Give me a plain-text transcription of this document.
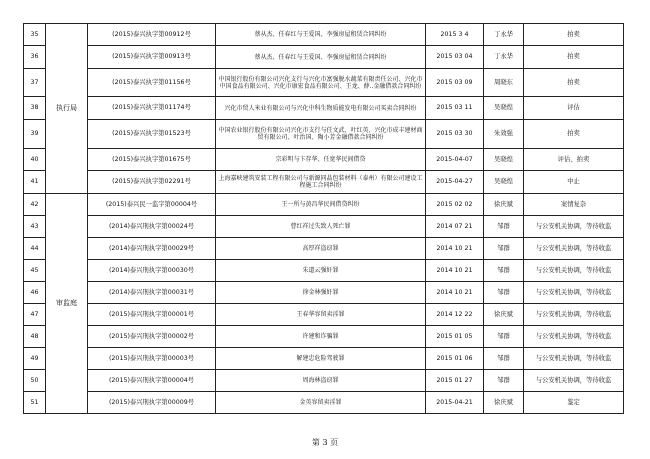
35	执行局	(2015)泰兴执字第00912号	蔡从杰、任春红与王爱国、李强房屋租赁合同纠纷	2015 3 4	丁永华	拍卖
36		(2015)泰兴执字第00913号	蔡从杰、任春红与王爱国、李强房屋租赁合同纠纷	2015 03 04	丁永华	拍卖
37		(2015)泰兴执字第01156号	中国银行股份有限公司兴化支行与兴化市富强脱水蔬菜有限责任公司、兴化市中国食品有限公司、兴化市康宏食品有限公司、王龙、薛..金融借款合同纠纷	2015 03 09	周晓东	拍卖
38		(2015)泰兴执字第01174号	兴化市贸人米业有限公司与兴化中科生物质能发电有限公司买卖合同纠纷	2015 03 11	吴晓煌	评估
39		(2015)泰兴执字第01523号	中国农业银行股份有限公司兴化市支行与任文武、叶红英、兴化市成丰建材商贸有限公司、叶治国、陶小芳金融借款合同纠纷	2015 03 30	朱效强	拍卖
40		(2015)泰兴执字第01675号	宗彩明与卞存华、任宽华民间借贷	2015-04-07	吴晓煌	评估、拍卖
41		(2015)泰兴执字第02291号	上海嘉峡建筑安装工程有限公司与新源同晶包装材料（泰州）有限公司建设工程施工合同纠纷	2015-04-27	吴晓煌	中止
42	审监庭	(2015)泰兴民一监字第00004号	王一所与黄昌华民间借贷纠纷	2015 02 02	徐庆斌	案情复杂
43		(2014)泰兴刑执字第00024号	曹红祥过失致人死亡罪	2014 07 21	邹群	与公安机关协调，等待收监
44		(2014)泰兴刑执字第00029号	高厚祥盗窃罪	2014 10 21	邹群	与公安机关协调，等待收监
45		(2014)泰兴刑执字第00030号	朱道云强奸罪	2014 10 21	邹群	与公安机关协调，等待收监
46		(2014)泰兴刑执字第00031号	徐金林强奸罪	2014 10 21	邹群	与公安机关协调，等待收监
47		(2015)泰兴刑执字第00001号	王春华容留卖淫罪	2014 12 22	徐庆斌	与公安机关协调，等待收监
48		(2015)泰兴刑执字第00002号	许建和诈骗罪	2015 01 05	邹群	与公安机关协调，等待收监
49		(2015)泰兴刑执字第00003号	解建忠危险驾驶罪	2015 01 06	邹群	与公安机关协调，等待收监
50		(2015)泰兴刑执字第00004号	周海林盗窃罪	2015 01 27	邹群	与公安机关协调，等待收监
51		(2015)泰兴刑执字第00009号	金英容留卖淫罪	2015-04-21	徐庆斌	鉴定
第 3 页
